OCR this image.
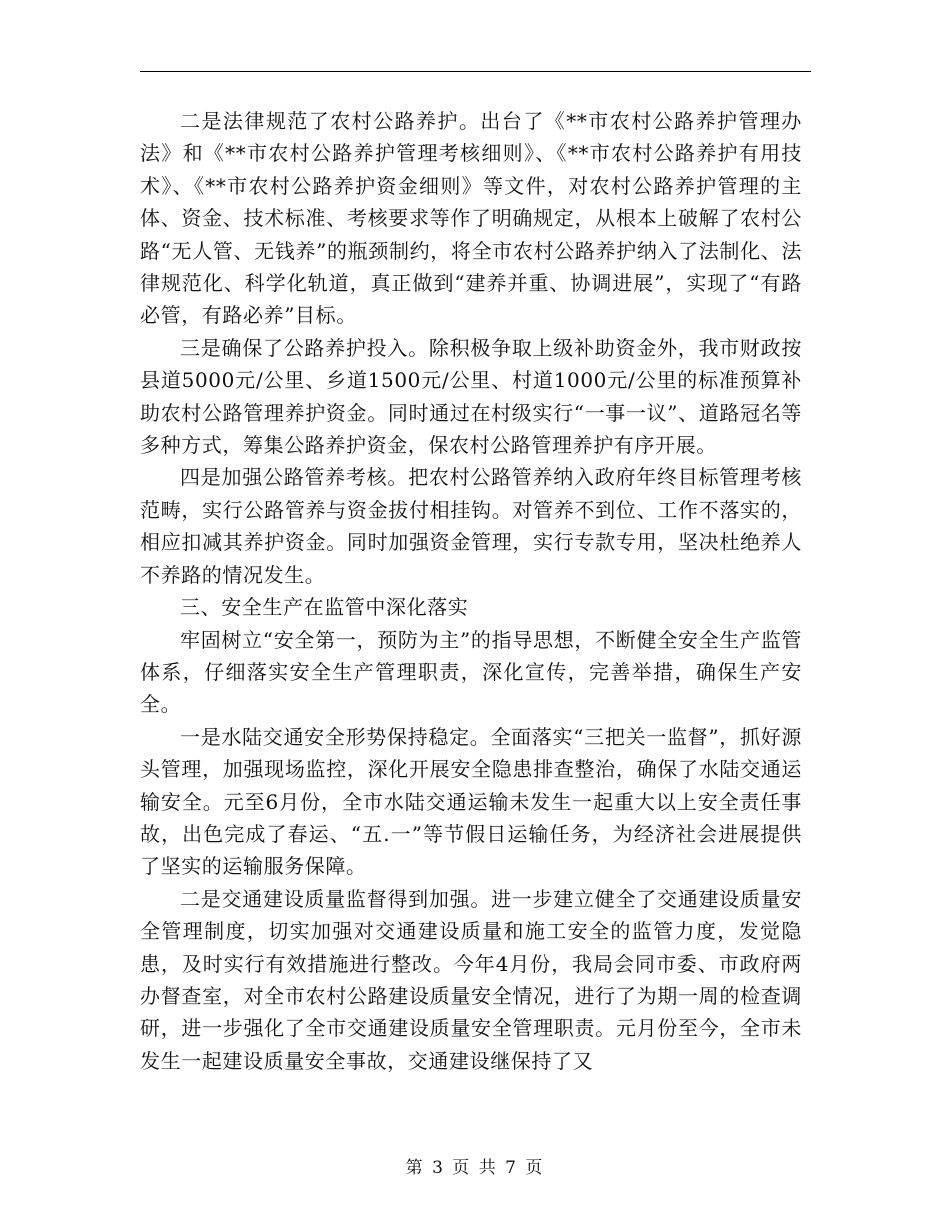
二是法律规范了农村公路养护。出台了《**市农村公路养护管理办法》和《**市农村公路养护管理考核细则》、《**市农村公路养护有用技术》、《**市农村公路养护资金细则》等文件，对农村公路养护管理的主体、资金、技术标准、考核要求等作了明确规定，从根本上破解了农村公路“无人管、无钱养”的瓶颈制约，将全市农村公路养护纳入了法制化、法律规范化、科学化轨道，真正做到“建养并重、协调进展”，实现了“有路必管，有路必养”目标。

三是确保了公路养护投入。除积极争取上级补助资金外，我市财政按县道5000元/公里、乡道1500元/公里、村道1000元/公里的标准预算补助农村公路管理养护资金。同时通过在村级实行“一事一议”、道路冠名等多种方式，筹集公路养护资金，保农村公路管理养护有序开展。

四是加强公路管养考核。把农村公路管养纳入政府年终目标管理考核范畴，实行公路管养与资金拔付相挂钩。对管养不到位、工作不落实的，相应扣减其养护资金。同时加强资金管理，实行专款专用，坚决杜绝养人不养路的情况发生。

三、安全生产在监管中深化落实

牢固树立“安全第一，预防为主”的指导思想，不断健全安全生产监管体系，仔细落实安全生产管理职责，深化宣传，完善举措，确保生产安全。

一是水陆交通安全形势保持稳定。全面落实“三把关一监督”，抓好源头管理，加强现场监控，深化开展安全隐患排查整治，确保了水陆交通运输安全。元至6月份，全市水陆交通运输未发生一起重大以上安全责任事故，出色完成了春运、“五.一”等节假日运输任务，为经济社会进展提供了坚实的运输服务保障。

二是交通建设质量监督得到加强。进一步建立健全了交通建设质量安全管理制度，切实加强对交通建设质量和施工安全的监管力度，发觉隐患，及时实行有效措施进行整改。今年4月份，我局会同市委、市政府两办督查室，对全市农村公路建设质量安全情况，进行了为期一周的检查调研，进一步强化了全市交通建设质量安全管理职责。元月份至今，全市未发生一起建设质量安全事故，交通建设继保持了又

第 3 页 共 7 页
